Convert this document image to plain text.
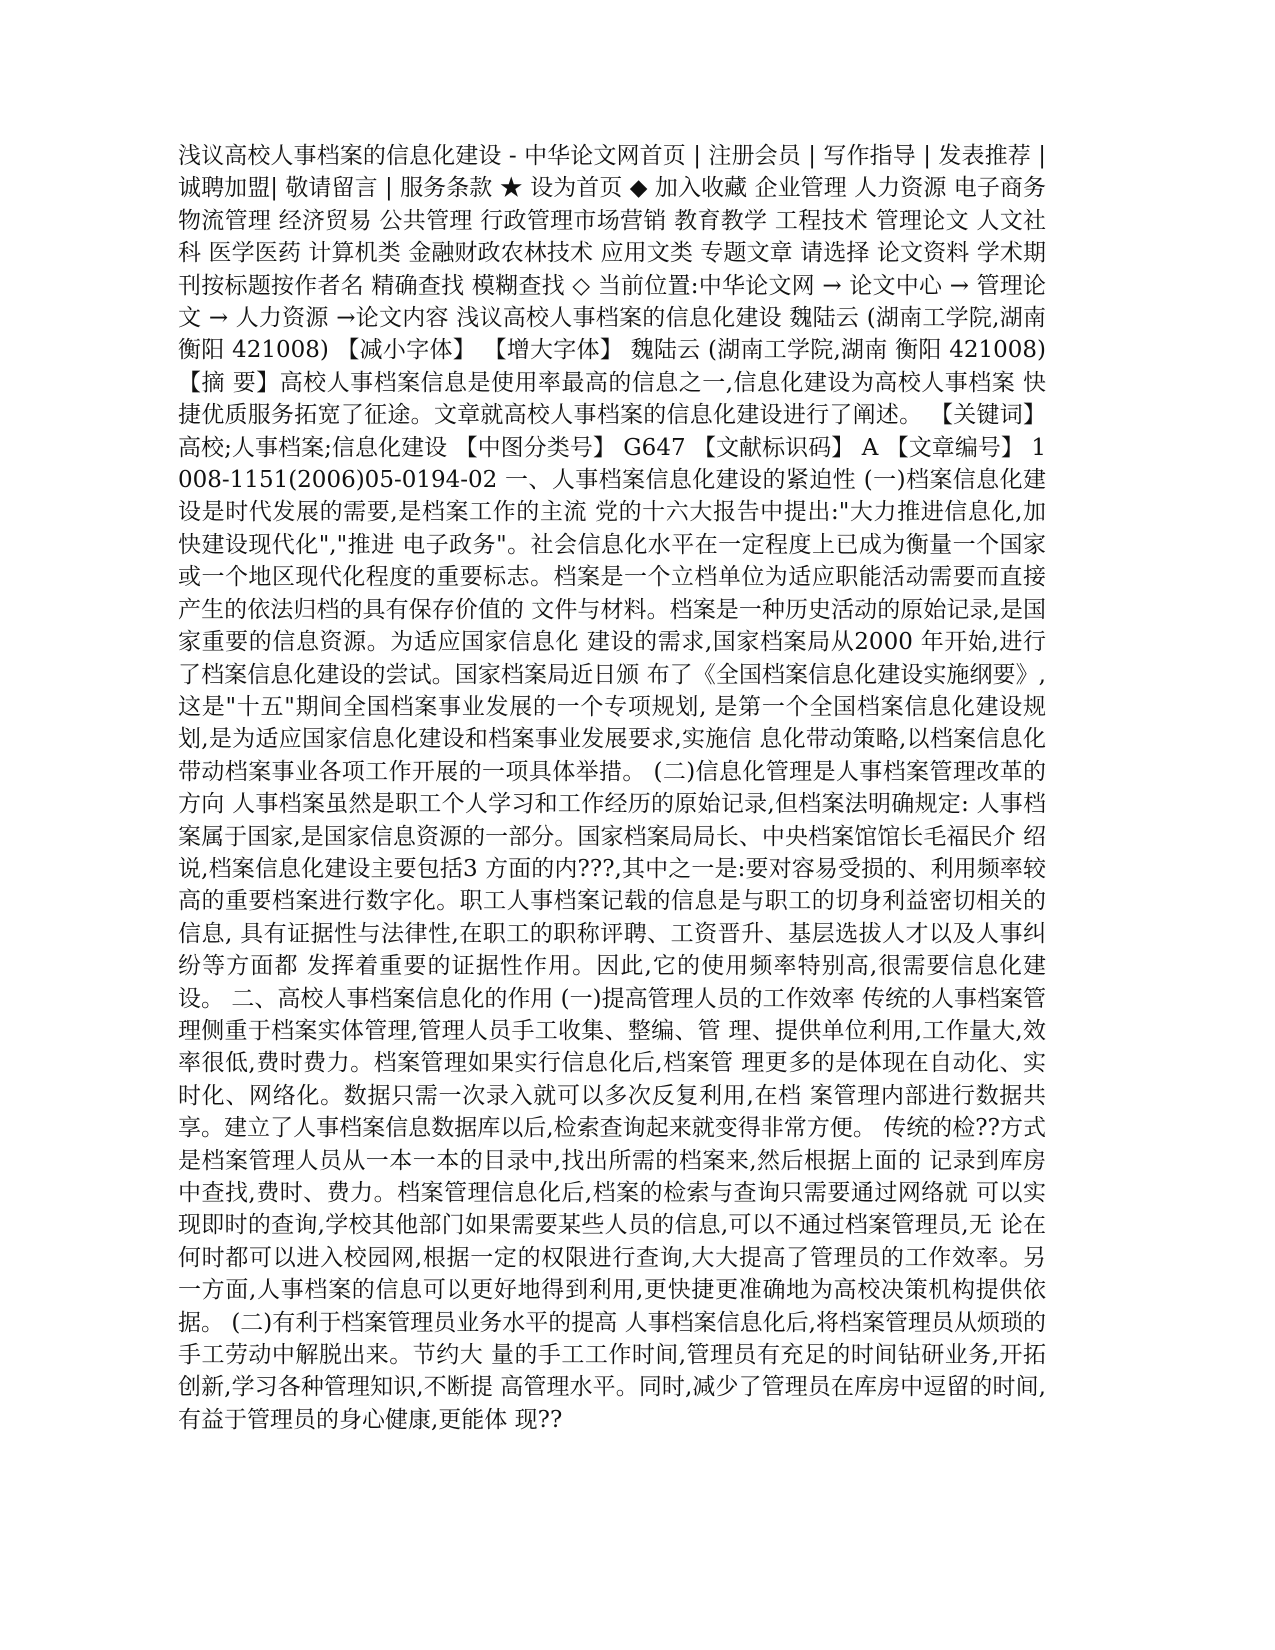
浅议高校人事档案的信息化建设 - 中华论文网首页 | 注册会员 | 写作指导 | 发表推荐 | 诚聘加盟| 敬请留言 | 服务条款 ★ 设为首页 ◆ 加入收藏 企业管理 人力资源 电子商务 物流管理 经济贸易 公共管理 行政管理市场营销 教育教学 工程技术 管理论文 人文社科 医学医药 计算机类 金融财政农林技术 应用文类 专题文章 请选择 论文资料 学术期刊按标题按作者名 精确查找 模糊查找 ◇ 当前位置:中华论文网 → 论文中心 → 管理论文 → 人力资源 →论文内容 浅议高校人事档案的信息化建设 魏陆云 (湖南工学院,湖南 衡阳 421008) 【减小字体】 【增大字体】 魏陆云 (湖南工学院,湖南 衡阳 421008) 【摘 要】高校人事档案信息是使用率最高的信息之一,信息化建设为高校人事档案 快捷优质服务拓宽了征途。文章就高校人事档案的信息化建设进行了阐述。 【关键词】高校;人事档案;信息化建设 【中图分类号】 G647 【文献标识码】 A 【文章编号】 1008-1151(2006)05-0194-02 一、人事档案信息化建设的紧迫性 (一)档案信息化建设是时代发展的需要,是档案工作的主流 党的十六大报告中提出:"大力推进信息化,加快建设现代化","推进 电子政务"。社会信息化水平在一定程度上已成为衡量一个国家或一个地区现代化程度的重要标志。档案是一个立档单位为适应职能活动需要而直接产生的依法归档的具有保存价值的 文件与材料。档案是一种历史活动的原始记录,是国家重要的信息资源。为适应国家信息化 建设的需求,国家档案局从2000 年开始,进行了档案信息化建设的尝试。国家档案局近日颁 布了《全国档案信息化建设实施纲要》,这是"十五"期间全国档案事业发展的一个专项规划, 是第一个全国档案信息化建设规划,是为适应国家信息化建设和档案事业发展要求,实施信 息化带动策略,以档案信息化带动档案事业各项工作开展的一项具体举措。 (二)信息化管理是人事档案管理改革的方向 人事档案虽然是职工个人学习和工作经历的原始记录,但档案法明确规定: 人事档案属于国家,是国家信息资源的一部分。国家档案局局长、中央档案馆馆长毛福民介 绍说,档案信息化建设主要包括3 方面的内???,其中之一是:要对容易受损的、利用频率较 高的重要档案进行数字化。职工人事档案记载的信息是与职工的切身利益密切相关的信息, 具有证据性与法律性,在职工的职称评聘、工资晋升、基层选拔人才以及人事纠纷等方面都 发挥着重要的证据性作用。因此,它的使用频率特别高,很需要信息化建设。 二、高校人事档案信息化的作用 (一)提高管理人员的工作效率 传统的人事档案管理侧重于档案实体管理,管理人员手工收集、整编、管 理、提供单位利用,工作量大,效率很低,费时费力。档案管理如果实行信息化后,档案管 理更多的是体现在自动化、实时化、网络化。数据只需一次录入就可以多次反复利用,在档 案管理内部进行数据共享。建立了人事档案信息数据库以后,检索查询起来就变得非常方便。 传统的检??方式是档案管理人员从一本一本的目录中,找出所需的档案来,然后根据上面的 记录到库房中查找,费时、费力。档案管理信息化后,档案的检索与查询只需要通过网络就 可以实现即时的查询,学校其他部门如果需要某些人员的信息,可以不通过档案管理员,无 论在何时都可以进入校园网,根据一定的权限进行查询,大大提高了管理员的工作效率。另 一方面,人事档案的信息可以更好地得到利用,更快捷更准确地为高校决策机构提供依据。 (二)有利于档案管理员业务水平的提高 人事档案信息化后,将档案管理员从烦琐的手工劳动中解脱出来。节约大 量的手工工作时间,管理员有充足的时间钻研业务,开拓创新,学习各种管理知识,不断提 高管理水平。同时,减少了管理员在库房中逗留的时间,有益于管理员的身心健康,更能体 现??
